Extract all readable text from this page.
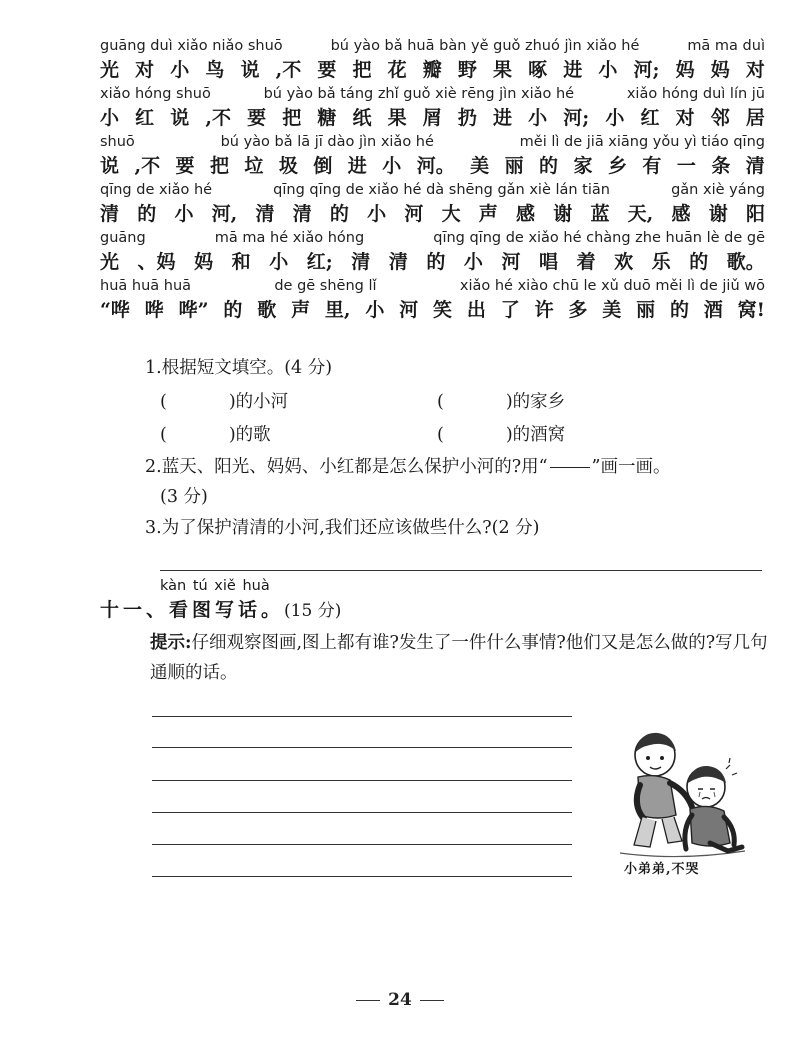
guāng duì xiǎo niǎo shuō	bú yào bǎ huā bàn yě guǒ zhuó jìn xiǎo hé	mā ma duì
光 对 小 鸟 说 ,不 要 把 花 瓣 野 果 啄 进 小 河; 妈 妈 对
xiǎo hóng shuō	bú yào bǎ táng zhǐ guǒ xiè rēng jìn xiǎo hé	xiǎo hóng duì lín jū
小 红 说 ,不 要 把 糖 纸 果 屑 扔 进 小 河; 小 红 对 邻 居
shuō	bú yào bǎ lā jī dào jìn xiǎo hé	měi lì de jiā xiāng yǒu yì tiáo qīng
说 ,不 要 把 垃 圾 倒 进 小 河。 美 丽 的 家 乡 有 一 条 清
qīng de xiǎo hé	qīng qīng de xiǎo hé dà shēng gǎn xiè lán tiān	gǎn xiè yáng
清 的 小 河, 清 清 的 小 河 大 声 感 谢 蓝 天, 感 谢 阳
guāng	mā ma hé xiǎo hóng	qīng qīng de xiǎo hé chàng zhe huān lè de gē
光 、妈 妈 和 小 红; 清 清 的 小 河 唱 着 欢 乐 的 歌。
huā huā huā	de gē shēng lǐ	xiǎo hé xiào chū le xǔ duō měi lì de jiǔ wō
“哗 哗 哗” 的 歌 声 里, 小 河 笑 出 了 许 多 美 丽 的 酒 窝!
1.根据短文填空。(4 分)
(	)的小河	(	)的家乡
(	)的歌	(	)的酒窝
2.蓝天、阳光、妈妈、小红都是怎么保护小河的?用“	”画一画。
(3 分)
3.为了保护清清的小河,我们还应该做些什么?(2 分)
kàn tú xiě huà
十一、看图写话。(15 分)
提示:仔细观察图画,图上都有谁?发生了一件什么事情?他们又是怎么做的?写几句通顺的话。
小弟弟,不哭
24
